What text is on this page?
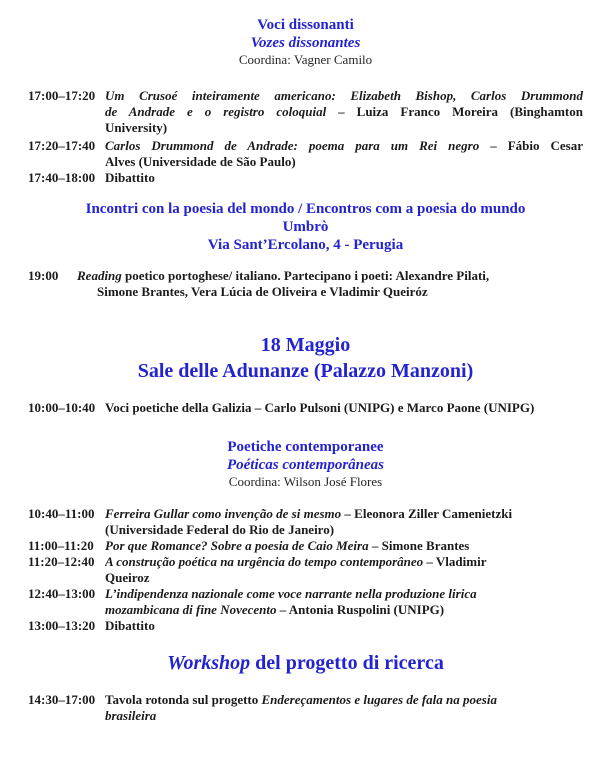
Voci dissonanti
Vozes dissonantes
Coordina: Vagner Camilo
17:00–17:20 Um Crusoé inteiramente americano: Elizabeth Bishop, Carlos Drummond
de Andrade e o registro coloquial – Luiza Franco Moreira (Binghamton
University)
17:20–17:40 Carlos Drummond de Andrade: poema para um Rei negro – Fábio Cesar
Alves (Universidade de São Paulo)
17:40–18:00 Dibattito
Incontri con la poesia del mondo / Encontros com a poesia do mundo
Umbrò
Via Sant’Ercolano, 4 - Perugia
19:00	Reading poetico portoghese/ italiano. Partecipano i poeti: Alexandre Pilati,
Simone Brantes, Vera Lúcia de Oliveira e Vladimir Queiróz
18 Maggio
Sale delle Adunanze (Palazzo Manzoni)
10:00–10:40 Voci poetiche della Galizia – Carlo Pulsoni (UNIPG) e Marco Paone (UNIPG)
Poetiche contemporanee
Poéticas contemporâneas
Coordina: Wilson José Flores
10:40–11:00 Ferreira Gullar como invenção de si mesmo – Eleonora Ziller Camenietzki
(Universidade Federal do Rio de Janeiro)
11:00–11:20 Por que Romance? Sobre a poesia de Caio Meira – Simone Brantes
11:20–12:40 A construção poética na urgência do tempo contemporâneo – Vladimir
Queiroz
12:40–13:00 L’indipendenza nazionale come voce narrante nella produzione lirica
mozambicana di fine Novecento – Antonia Ruspolini (UNIPG)
13:00–13:20 Dibattito
Workshop del progetto di ricerca
14:30–17:00 Tavola rotonda sul progetto Endereçamentos e lugares de fala na poesia
brasileira
